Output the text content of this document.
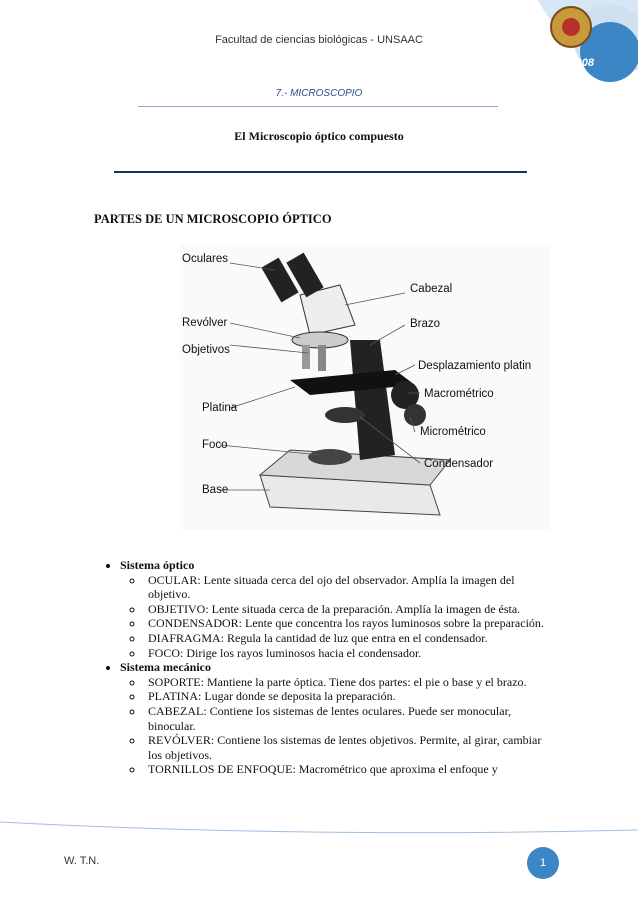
2008
Facultad de ciencias biológicas - UNSAAC
7.- MICROSCOPIO
El Microscopio óptico compuesto
PARTES DE UN MICROSCOPIO ÓPTICO
Oculares
Revólver
Objetivos
Platina
Foco
Base
Cabezal
Brazo
Desplazamiento platin
Macrométrico
Micrométrico
Condensador
• Sistema óptico
◦ OCULAR: Lente situada cerca del ojo del observador. Amplía la imagen del objetivo.
◦ OBJETIVO: Lente situada cerca de la preparación. Amplía la imagen de ésta.
◦ CONDENSADOR: Lente que concentra los rayos luminosos sobre la preparación.
◦ DIAFRAGMA: Regula la cantidad de luz que entra en el condensador.
◦ FOCO: Dirige los rayos luminosos hacia el condensador.
• Sistema mecánico
◦ SOPORTE: Mantiene la parte óptica. Tiene dos partes: el pie o base y el brazo.
◦ PLATINA: Lugar donde se deposita la preparación.
◦ CABEZAL: Contiene los sistemas de lentes oculares. Puede ser monocular, binocular.
◦ REVÓLVER: Contiene los sistemas de lentes objetivos. Permite, al girar, cambiar los objetivos.
◦ TORNILLOS DE ENFOQUE: Macrométrico que aproxima el enfoque y
W. T.N.	1
